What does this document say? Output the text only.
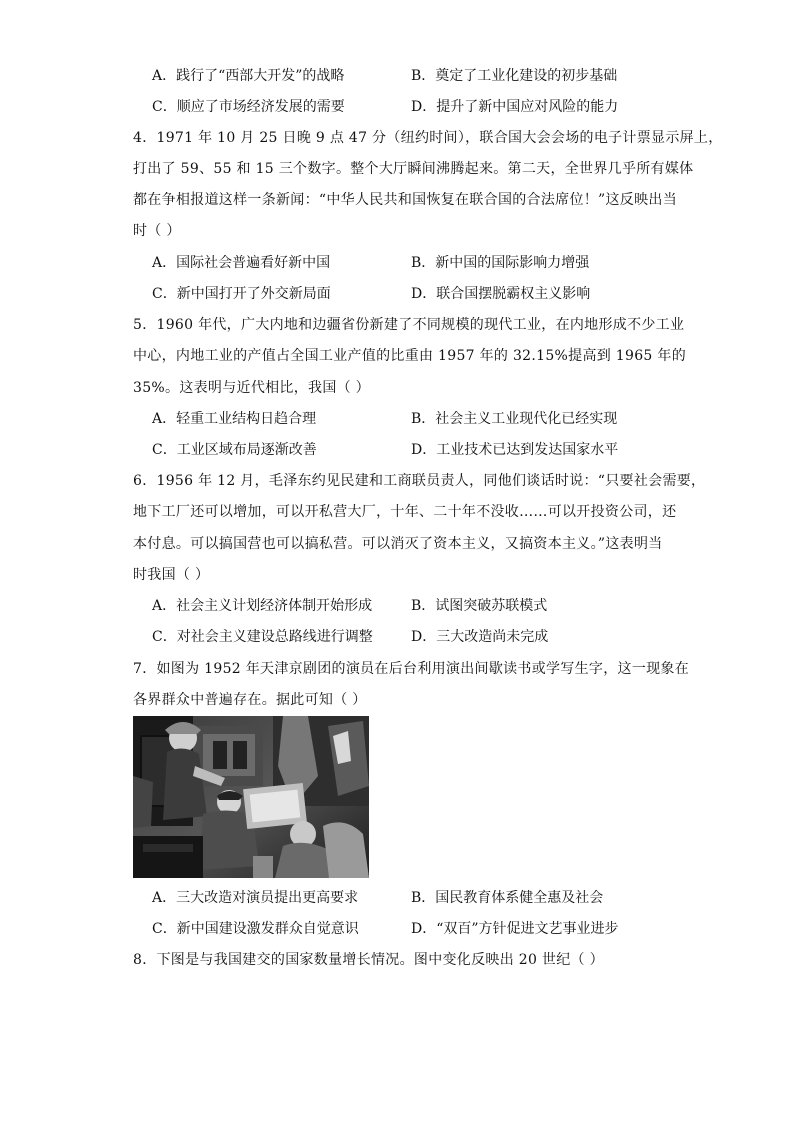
A．践行了“西部大开发”的战略	B．奠定了工业化建设的初步基础
C．顺应了市场经济发展的需要	D．提升了新中国应对风险的能力
4．1971 年 10 月 25 日晚 9 点 47 分（纽约时间），联合国大会会场的电子计票显示屏上，
打出了 59、55 和 15 三个数字。整个大厅瞬间沸腾起来。第二天，全世界几乎所有媒体
都在争相报道这样一条新闻：“中华人民共和国恢复在联合国的合法席位！”这反映出当
时（ ）
A．国际社会普遍看好新中国	B．新中国的国际影响力增强
C．新中国打开了外交新局面	D．联合国摆脱霸权主义影响
5．1960 年代，广大内地和边疆省份新建了不同规模的现代工业，在内地形成不少工业
中心，内地工业的产值占全国工业产值的比重由 1957 年的 32.15%提高到 1965 年的
35%。这表明与近代相比，我国（ ）
A．轻重工业结构日趋合理	B．社会主义工业现代化已经实现
C．工业区域布局逐渐改善	D．工业技术已达到发达国家水平
6．1956 年 12 月，毛泽东约见民建和工商联员责人，同他们谈话时说：“只要社会需要，
地下工厂还可以增加，可以开私营大厂，十年、二十年不没收……可以开投资公司，还
本付息。可以搞国营也可以搞私营。可以消灭了资本主义，又搞资本主义。”这表明当
时我国（ ）
A．社会主义计划经济体制开始形成	B．试图突破苏联模式
C．对社会主义建设总路线进行调整	D．三大改造尚未完成
7．如图为 1952 年天津京剧团的演员在后台利用演出间歇读书或学写生字，这一现象在
各界群众中普遍存在。据此可知（ ）
A．三大改造对演员提出更高要求	B．国民教育体系健全惠及社会
C．新中国建设激发群众自觉意识	D．“双百”方针促进文艺事业进步
8．下图是与我国建交的国家数量增长情况。图中变化反映出 20 世纪（ ）
